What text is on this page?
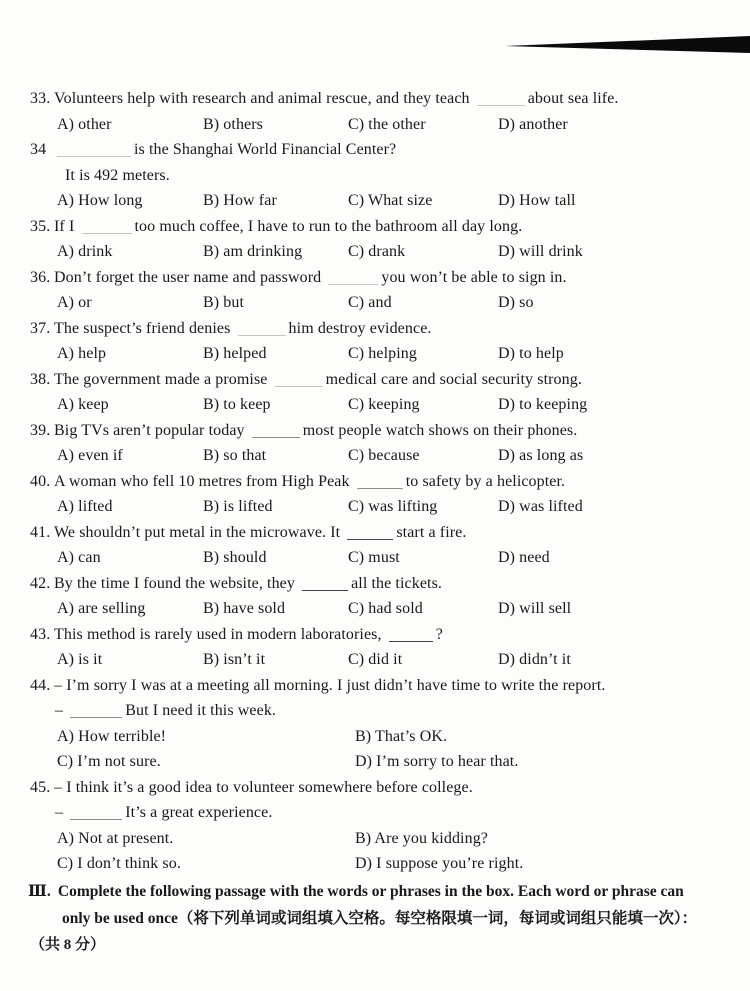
33. Volunteers help with research and animal rescue, and they teach	about sea life.
A) other	B) others	C) the other	D) another
34	is the Shanghai World Financial Center?
It is 492 meters.
A) How long	B) How far	C) What size	D) How tall
35. If I	too much coffee, I have to run to the bathroom all day long.
A) drink	B) am drinking	C) drank	D) will drink
36. Don’t forget the user name and password	you won’t be able to sign in.
A) or	B) but	C) and	D) so
37. The suspect’s friend denies	him destroy evidence.
A) help	B) helped	C) helping	D) to help
38. The government made a promise	medical care and social security strong.
A) keep	B) to keep	C) keeping	D) to keeping
39. Big TVs aren’t popular today	most people watch shows on their phones.
A) even if	B) so that	C) because	D) as long as
40. A woman who fell 10 metres from High Peak	to safety by a helicopter.
A) lifted	B) is lifted	C) was lifting	D) was lifted
41. We shouldn’t put metal in the microwave. It	start a fire.
A) can	B) should	C) must	D) need
42. By the time I found the website, they	all the tickets.
A) are selling	B) have sold	C) had sold	D) will sell
43. This method is rarely used in modern laboratories,	?
A) is it	B) isn’t it	C) did it	D) didn’t it
44. – I’m sorry I was at a meeting all morning. I just didn’t have time to write the report.
–	But I need it this week.
A) How terrible!	B) That’s OK.
C) I’m not sure.	D) I’m sorry to hear that.
45. – I think it’s a good idea to volunteer somewhere before college.
–	It’s a great experience.
A) Not at present.	B) Are you kidding?
C) I don’t think so.	D) I suppose you’re right.
Ⅲ. Complete the following passage with the words or phrases in the box. Each word or phrase can
only be used once（将下列单词或词组填入空格。每空格限填一词，每词或词组只能填一次）：
（共 8 分）
